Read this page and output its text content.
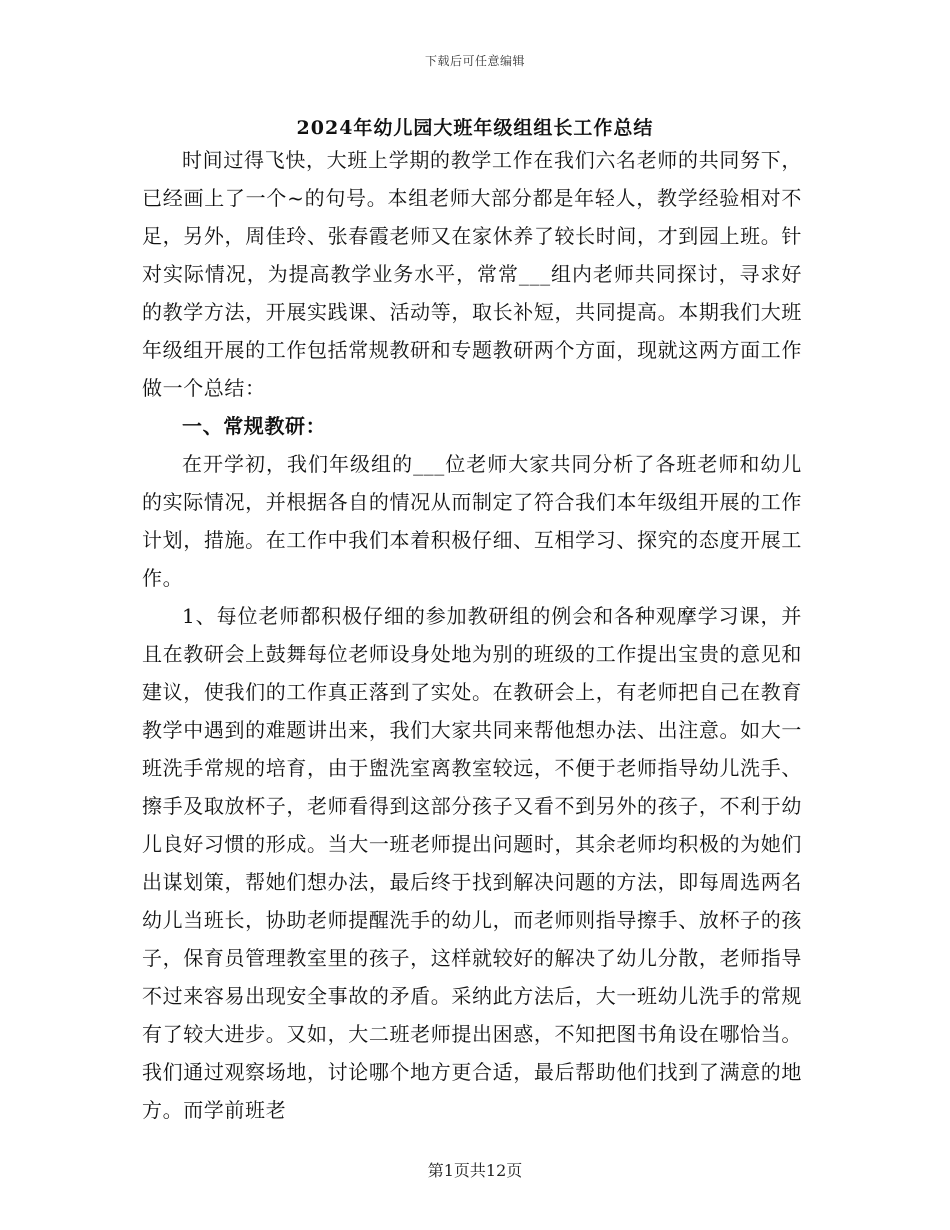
下载后可任意编辑
2024年幼儿园大班年级组组长工作总结

时间过得飞快，大班上学期的教学工作在我们六名老师的共同努下，已经画上了一个~的句号。本组老师大部分都是年轻人，教学经验相对不足，另外，周佳玲、张春霞老师又在家休养了较长时间，才到园上班。针对实际情况，为提高教学业务水平，常常___组内老师共同探讨，寻求好的教学方法，开展实践课、活动等，取长补短，共同提高。本期我们大班年级组开展的工作包括常规教研和专题教研两个方面，现就这两方面工作做一个总结：

一、常规教研：

在开学初，我们年级组的___位老师大家共同分析了各班老师和幼儿的实际情况，并根据各自的情况从而制定了符合我们本年级组开展的工作计划，措施。在工作中我们本着积极仔细、互相学习、探究的态度开展工作。

1、每位老师都积极仔细的参加教研组的例会和各种观摩学习课，并且在教研会上鼓舞每位老师设身处地为别的班级的工作提出宝贵的意见和建议，使我们的工作真正落到了实处。在教研会上，有老师把自己在教育教学中遇到的难题讲出来，我们大家共同来帮他想办法、出注意。如大一班洗手常规的培育，由于盥洗室离教室较远，不便于老师指导幼儿洗手、擦手及取放杯子，老师看得到这部分孩子又看不到另外的孩子，不利于幼儿良好习惯的形成。当大一班老师提出问题时，其余老师均积极的为她们出谋划策，帮她们想办法，最后终于找到解决问题的方法，即每周选两名幼儿当班长，协助老师提醒洗手的幼儿，而老师则指导擦手、放杯子的孩子，保育员管理教室里的孩子，这样就较好的解决了幼儿分散，老师指导不过来容易出现安全事故的矛盾。采纳此方法后，大一班幼儿洗手的常规有了较大进步。又如，大二班老师提出困惑，不知把图书角设在哪恰当。我们通过观察场地，讨论哪个地方更合适，最后帮助他们找到了满意的地方。而学前班老

第1页共12页
